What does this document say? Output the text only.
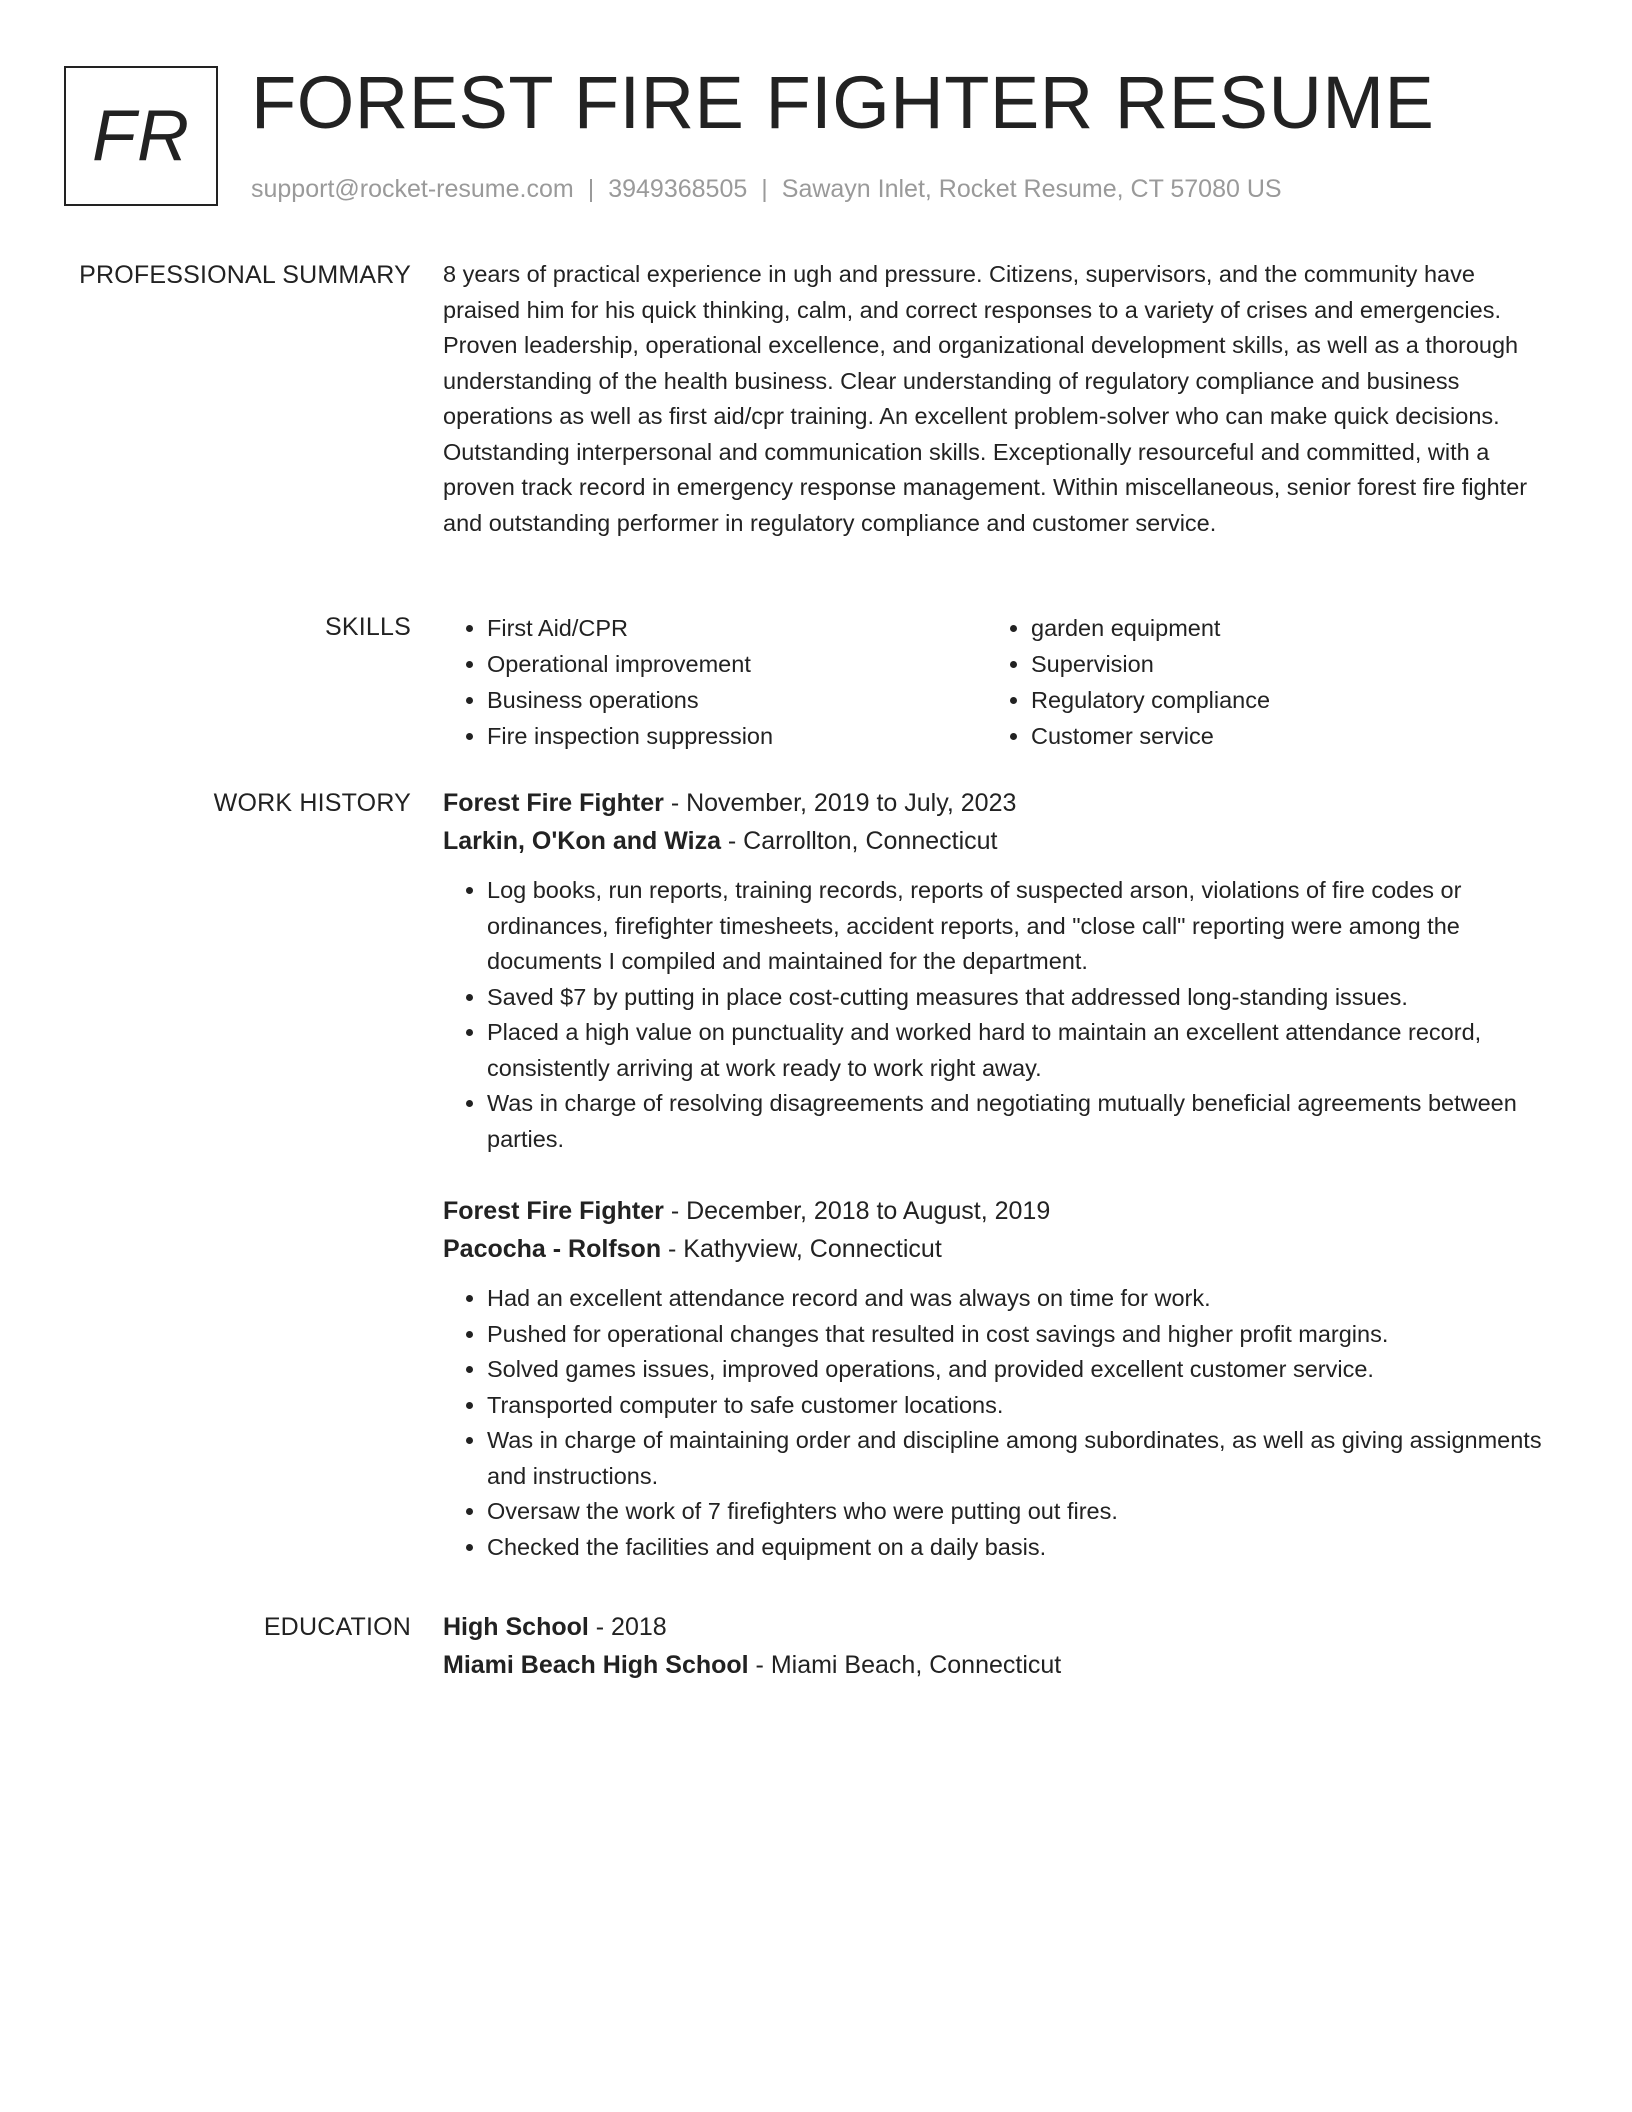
FR FOREST FIRE FIGHTER RESUME
support@rocket-resume.com | 3949368505 | Sawayn Inlet, Rocket Resume, CT 57080 US
PROFESSIONAL SUMMARY 8 years of practical experience in ugh and pressure. Citizens, supervisors, and the community have praised him for his quick thinking, calm, and correct responses to a variety of crises and emergencies. Proven leadership, operational excellence, and organizational development skills, as well as a thorough understanding of the health business. Clear understanding of regulatory compliance and business operations as well as first aid/cpr training. An excellent problem-solver who can make quick decisions. Outstanding interpersonal and communication skills. Exceptionally resourceful and committed, with a proven track record in emergency response management. Within miscellaneous, senior forest fire fighter and outstanding performer in regulatory compliance and customer service.

SKILLS
•	First Aid/CPR
• Operational improvement
• Business operations
• Fire inspection suppression
• garden equipment
• Supervision
• Regulatory compliance
• Customer service
WORK HISTORY Forest Fire Fighter - November, 2019 to July, 2023
Larkin, O'Kon and Wiza - Carrollton, Connecticut
• Log books, run reports, training records, reports of suspected arson, violations of fire codes or ordinances, firefighter timesheets, accident reports, and "close call" reporting were among the documents I compiled and maintained for the department.
• Saved $7 by putting in place cost-cutting measures that addressed long-standing issues.
• Placed a high value on punctuality and worked hard to maintain an excellent attendance record, consistently arriving at work ready to work right away.
• Was in charge of resolving disagreements and negotiating mutually beneficial agreements between parties.
Forest Fire Fighter - December, 2018 to August, 2019
Pacocha - Rolfson - Kathyview, Connecticut
• Had an excellent attendance record and was always on time for work.
• Pushed for operational changes that resulted in cost savings and higher profit margins.
• Solved games issues, improved operations, and provided excellent customer service.
• Transported computer to safe customer locations.
• Was in charge of maintaining order and discipline among subordinates, as well as giving assignments and instructions.
• Oversaw the work of 7 firefighters who were putting out fires.
• Checked the facilities and equipment on a daily basis.
EDUCATION High School - 2018
Miami Beach High School - Miami Beach, Connecticut
